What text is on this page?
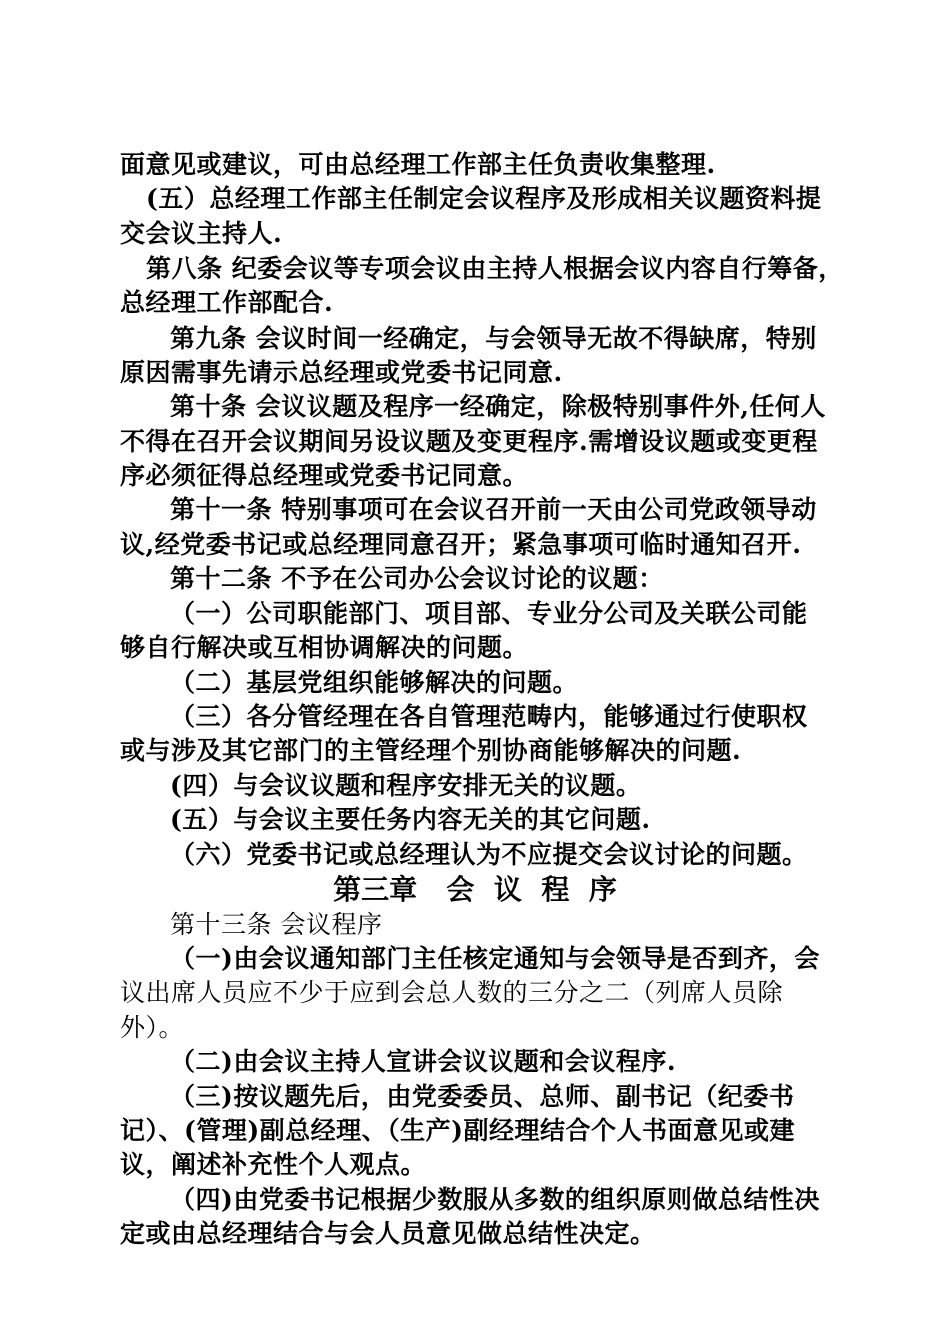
面意见或建议，可由总经理工作部主任负责收集整理.
(五）总经理工作部主任制定会议程序及形成相关议题资料提
交会议主持人.
第八条 纪委会议等专项会议由主持人根据会议内容自行筹备，
总经理工作部配合.
第九条 会议时间一经确定，与会领导无故不得缺席，特别
原因需事先请示总经理或党委书记同意.
第十条 会议议题及程序一经确定，除极特别事件外,任何人
不得在召开会议期间另设议题及变更程序.需增设议题或变更程
序必须征得总经理或党委书记同意。
第十一条 特别事项可在会议召开前一天由公司党政领导动
议,经党委书记或总经理同意召开；紧急事项可临时通知召开.
第十二条 不予在公司办公会议讨论的议题：
（一）公司职能部门、项目部、专业分公司及关联公司能
够自行解决或互相协调解决的问题。
（二）基层党组织能够解决的问题。
（三）各分管经理在各自管理范畴内，能够通过行使职权
或与涉及其它部门的主管经理个别协商能够解决的问题.
(四）与会议议题和程序安排无关的议题。
(五）与会议主要任务内容无关的其它问题.
（六）党委书记或总经理认为不应提交会议讨论的问题。
第三章   会  议  程  序
第十三条 会议程序
（一)由会议通知部门主任核定通知与会领导是否到齐，会
议出席人员应不少于应到会总人数的三分之二（列席人员除
外）。
（二)由会议主持人宣讲会议议题和会议程序.
（三)按议题先后，由党委委员、总师、副书记（纪委书
记）、(管理)副总经理、（生产)副经理结合个人书面意见或建
议，阐述补充性个人观点。
（四)由党委书记根据少数服从多数的组织原则做总结性决
定或由总经理结合与会人员意见做总结性决定。
